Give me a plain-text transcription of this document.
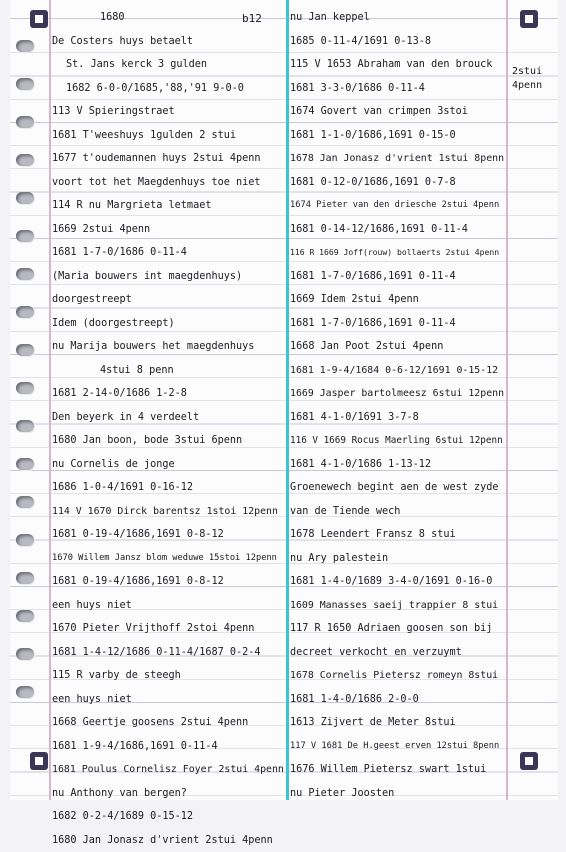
b12
1680
De Costers huys betaelt
St. Jans kerck 3 gulden
1682 6-0-0/1685,'88,'91 9-0-0
113 V Spieringstraet
1681 T'weeshuys 1gulden 2 stui
1677 t'oudemannen huys 2stui 4penn
voort tot het Maegdenhuys toe niet
114 R nu Margrieta letmaet
1669 2stui 4penn
1681 1-7-0/1686 0-11-4
(Maria bouwers int maegdenhuys)
doorgestreept
Idem (doorgestreept)
nu Marija bouwers het maegdenhuys
4stui 8 penn
1681 2-14-0/1686 1-2-8
Den beyerk in 4 verdeelt
1680 Jan boon, bode 3stui 6penn
nu Cornelis de jonge
1686 1-0-4/1691 0-16-12
114 V 1670 Dirck barentsz 1stoi 12penn
1681 0-19-4/1686,1691 0-8-12
1670 Willem Jansz blom weduwe 15stoi 12penn
1681 0-19-4/1686,1691 0-8-12
een huys niet
1670 Pieter Vrijthoff 2stoi 4penn
1681 1-4-12/1686 0-11-4/1687 0-2-4
115 R varby de steegh
een huys niet
1668 Geertje goosens 2stui 4penn
1681 1-9-4/1686,1691 0-11-4
1681 Poulus Cornelisz Foyer 2stui 4penn
nu Anthony van bergen?
1682 0-2-4/1689 0-15-12
1680 Jan Jonasz d'vrient 2stui 4penn
nu Jan keppel
1685 0-11-4/1691 0-13-8
115 V 1653 Abraham van den brouck
1681 3-3-0/1686 0-11-4
1674 Govert van crimpen 3stoi
1681 1-1-0/1686,1691 0-15-0
1678 Jan Jonasz d'vrient 1stui 8penn
1681 0-12-0/1686,1691 0-7-8
1674 Pieter van den driesche 2stui 4penn
1681 0-14-12/1686,1691 0-11-4
116 R 1669 Joff(rouw) bollaerts 2stui 4penn
1681 1-7-0/1686,1691 0-11-4
1669 Idem 2stui 4penn
1681 1-7-0/1686,1691 0-11-4
1668 Jan Poot 2stui 4penn
1681 1-9-4/1684 0-6-12/1691 0-15-12
1669 Jasper bartolmeesz 6stui 12penn
1681 4-1-0/1691 3-7-8
116 V 1669 Rocus Maerling 6stui 12penn
1681 4-1-0/1686 1-13-12
Groenewech begint aen de west zyde
van de Tiende wech
1678 Leendert Fransz 8 stui
nu Ary palestein
1681 1-4-0/1689 3-4-0/1691 0-16-0
1609 Manasses saeij trappier 8 stui
117 R 1650 Adriaen goosen son bij
decreet verkocht en verzuymt
1678 Cornelis Pietersz romeyn 8stui
1681 1-4-0/1686 2-0-0
1613 Zijvert de Meter 8stui
117 V 1681 De H.geest erven 12stui 8penn
1676 Willem Pietersz swart 1stui
nu Pieter Joosten
2stui
4penn
